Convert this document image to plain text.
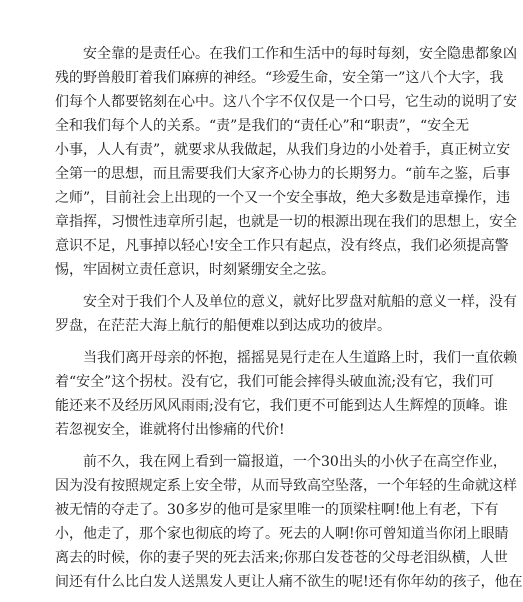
安全靠的是责任心。在我们工作和生活中的每时每刻，安全隐患都象凶
残的野兽般盯着我们麻痹的神经。“珍爱生命，安全第一”这八个大字，我
们每个人都要铭刻在心中。这八个字不仅仅是一个口号，它生动的说明了安
全和我们每个人的关系。“责”是我们的“责任心”和“职责”，“安全无
小事，人人有责”，就要求从我做起，从我们身边的小处着手，真正树立安
全第一的思想，而且需要我们大家齐心协力的长期努力。“前车之鉴，后事
之师”，目前社会上出现的一个又一个安全事故，绝大多数是违章操作，违
章指挥，习惯性违章所引起，也就是一切的根源出现在我们的思想上，安全
意识不足，凡事掉以轻心!安全工作只有起点，没有终点，我们必须提高警
惕，牢固树立责任意识，时刻紧绷安全之弦。
安全对于我们个人及单位的意义，就好比罗盘对航船的意义一样，没有
罗盘，在茫茫大海上航行的船便难以到达成功的彼岸。
当我们离开母亲的怀抱，摇摇晃晃行走在人生道路上时，我们一直依赖
着“安全”这个拐杖。没有它，我们可能会摔得头破血流;没有它，我们可
能还来不及经历风风雨雨;没有它，我们更不可能到达人生辉煌的顶峰。谁
若忽视安全，谁就将付出惨痛的代价!
前不久，我在网上看到一篇报道，一个30出头的小伙子在高空作业，
因为没有按照规定系上安全带，从而导致高空坠落，一个年轻的生命就这样
被无情的夺走了。30多岁的他可是家里唯一的顶梁柱啊!他上有老，下有
小，他走了，那个家也彻底的垮了。死去的人啊!你可曾知道当你闭上眼睛
离去的时候，你的妻子哭的死去活来;你那白发苍苍的父母老泪纵横，人世
间还有什么比白发人送黑发人更让人痛不欲生的呢!还有你年幼的孩子，他在
